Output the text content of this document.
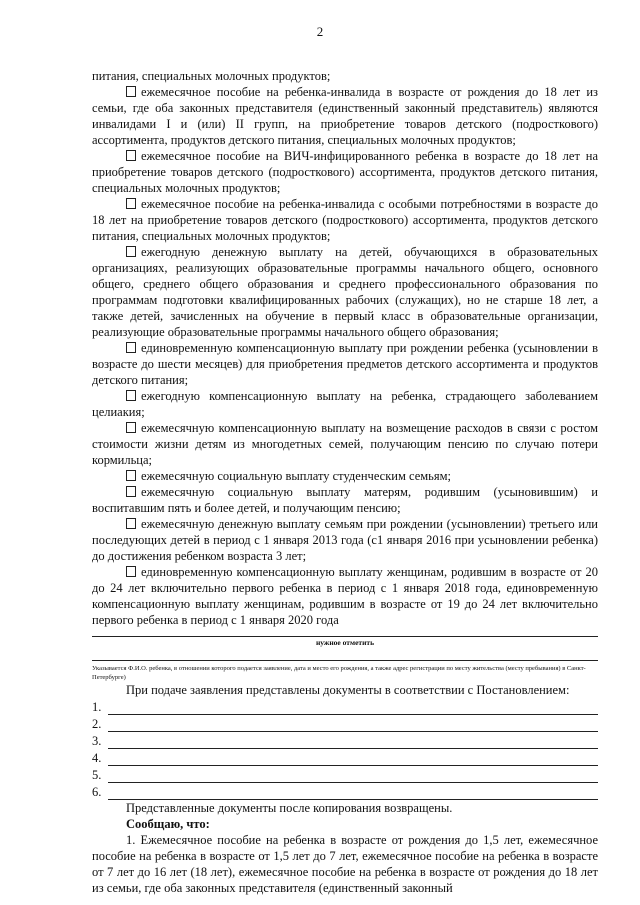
2

питания, специальных молочных продуктов;

ежемесячное пособие на ребенка-инвалида в возрасте от рождения до 18 лет из семьи, где оба законных представителя (единственный законный представитель) являются инвалидами I и (или) II групп, на приобретение товаров детского (подросткового) ассортимента, продуктов детского питания, специальных молочных продуктов;

ежемесячное пособие на ВИЧ-инфицированного ребенка в возрасте до 18 лет на приобретение товаров детского (подросткового) ассортимента, продуктов детского питания, специальных молочных продуктов;

ежемесячное пособие на ребенка-инвалида с особыми потребностями в возрасте до 18 лет на приобретение товаров детского (подросткового) ассортимента, продуктов детского питания, специальных молочных продуктов;

ежегодную денежную выплату на детей, обучающихся в образовательных организациях, реализующих образовательные программы начального общего, основного общего, среднего общего образования и среднего профессионального образования по программам подготовки квалифицированных рабочих (служащих), но не старше 18 лет, а также детей, зачисленных на обучение в первый класс в образовательные организации, реализующие образовательные программы начального общего образования;

единовременную компенсационную выплату при рождении ребенка (усыновлении в возрасте до шести месяцев) для приобретения предметов детского ассортимента и продуктов детского питания;

ежегодную компенсационную выплату на ребенка, страдающего заболеванием целиакия;

ежемесячную компенсационную выплату на возмещение расходов в связи с ростом стоимости жизни детям из многодетных семей, получающим пенсию по случаю потери кормильца;

ежемесячную социальную выплату студенческим семьям;

ежемесячную социальную выплату матерям, родившим (усыновившим) и воспитавшим пять и более детей, и получающим пенсию;

ежемесячную денежную выплату семьям при рождении (усыновлении) третьего или последующих детей в период с 1 января 2013 года (с1 января 2016 при усыновлении ребенка) до достижения ребенком возраста 3 лет;

единовременную компенсационную выплату женщинам, родившим в возрасте от 20 до 24 лет включительно первого ребенка в период с 1 января 2018 года, единовременную компенсационную выплату женщинам, родившим в возрасте от 19 до 24 лет включительно первого ребенка в период с 1 января 2020 года

нужное отметить
Указывается Ф.И.О. ребенка, в отношении которого подается заявление, дата и место его рождения, а также адрес регистрации по месту жительства (месту пребывания) в Санкт-Петербурге)

При подаче заявления представлены документы в соответствии с Постановлением:

1.
2.
3.
4.
5.
6.

Представленные документы после копирования возвращены.

Сообщаю, что:

1. Ежемесячное пособие на ребенка в возрасте от рождения до 1,5 лет, ежемесячное пособие на ребенка в возрасте от 1,5 лет до 7 лет, ежемесячное пособие на ребенка в возрасте от 7 лет до 16 лет (18 лет), ежемесячное пособие на ребенка в возрасте от рождения до 18 лет из семьи, где оба законных представителя (единственный законный
